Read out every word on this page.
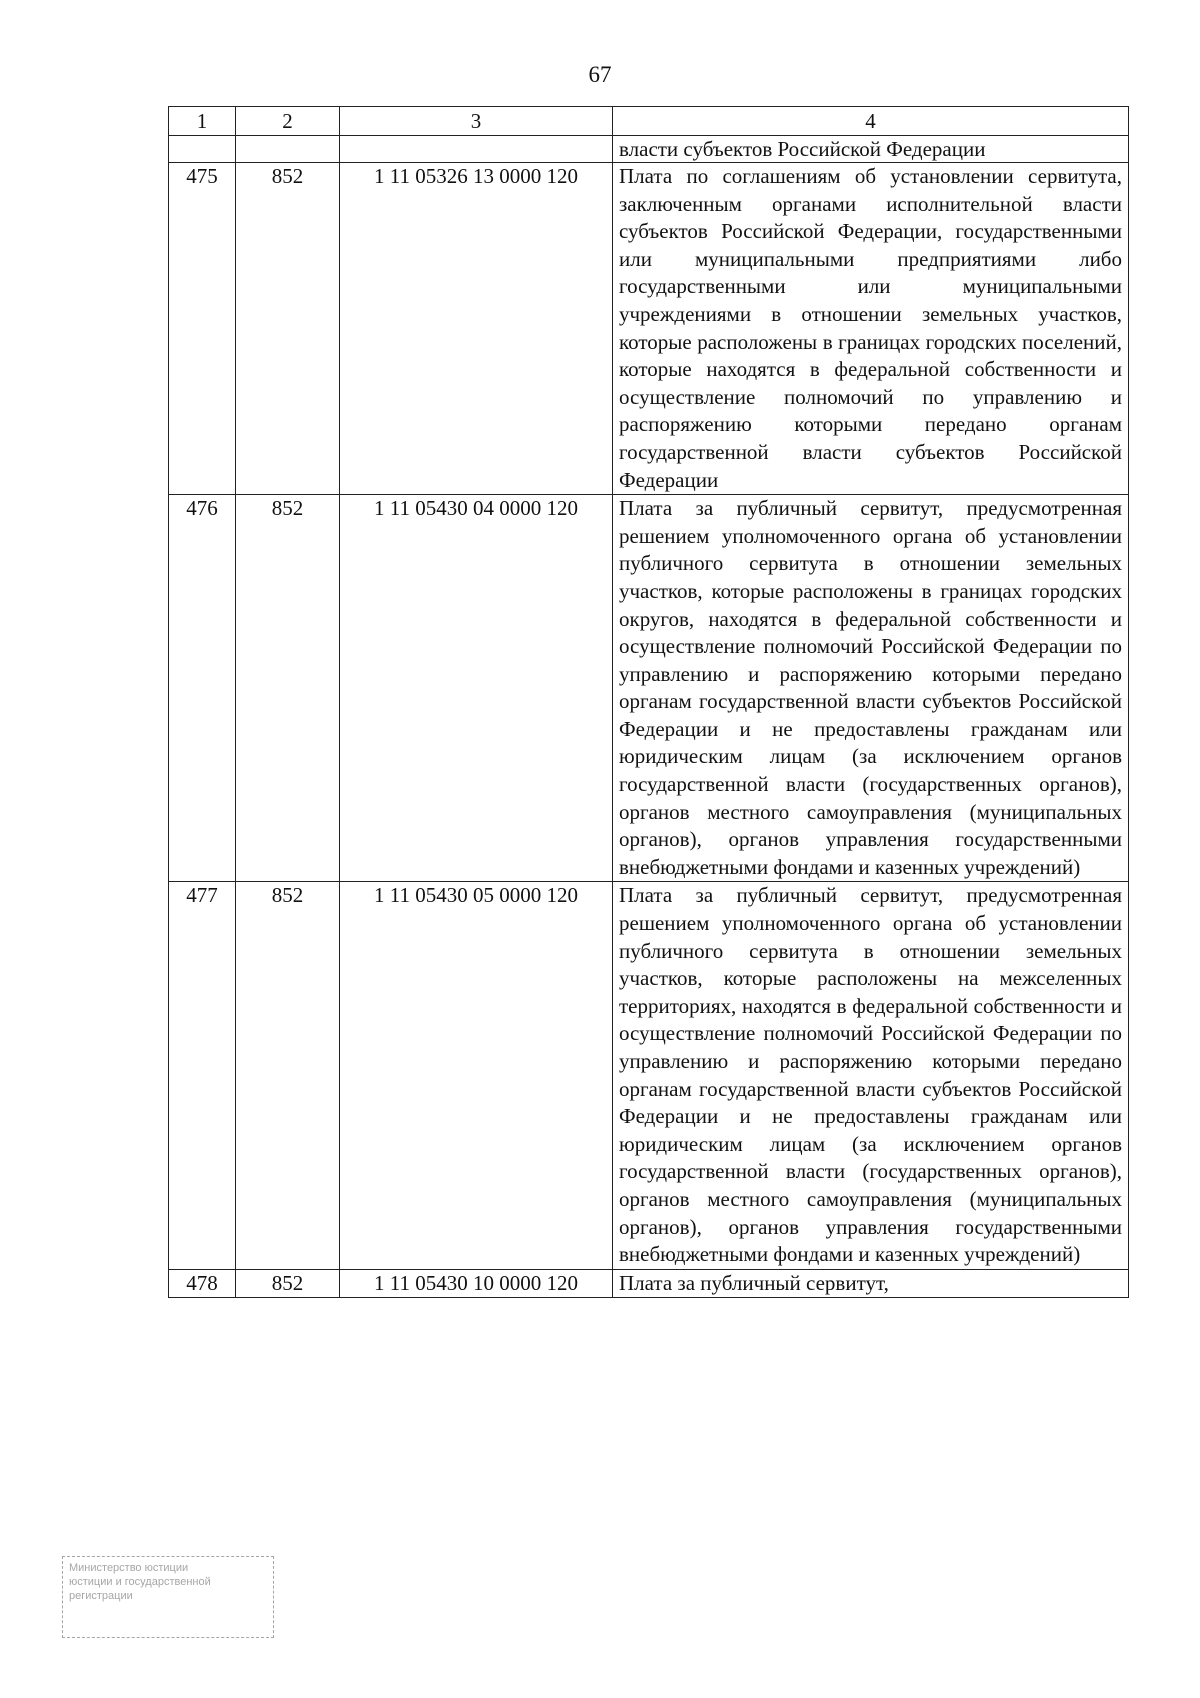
67
1	2	3	4
			власти субъектов Российской Федерации
475	852	1 11 05326 13 0000 120	Плата по соглашениям об установлении сервитута, заключенным органами исполнительной власти субъектов Российской Федерации, государственными или муниципальными предприятиями либо государственными или муниципальными учреждениями в отношении земельных участков, которые расположены в границах городских поселений, которые находятся в федеральной собственности и осуществление полномочий по управлению и распоряжению которыми передано органам государственной власти субъектов Российской Федерации
476	852	1 11 05430 04 0000 120	Плата за публичный сервитут, предусмотренная решением уполномоченного органа об установлении публичного сервитута в отношении земельных участков, которые расположены в границах городских округов, находятся в федеральной собственности и осуществление полномочий Российской Федерации по управлению и распоряжению которыми передано органам государственной власти субъектов Российской Федерации и не предоставлены гражданам или юридическим лицам (за исключением органов государственной власти (государственных органов), органов местного самоуправления (муниципальных органов), органов управления государственными внебюджетными фондами и казенных учреждений)
477	852	1 11 05430 05 0000 120	Плата за публичный сервитут, предусмотренная решением уполномоченного органа об установлении публичного сервитута в отношении земельных участков, которые расположены на межселенных территориях, находятся в федеральной собственности и осуществление полномочий Российской Федерации по управлению и распоряжению которыми передано органам государственной власти субъектов Российской Федерации и не предоставлены гражданам или юридическим лицам (за исключением органов государственной власти (государственных органов), органов местного самоуправления (муниципальных органов), органов управления государственными внебюджетными фондами и казенных учреждений)
478	852	1 11 05430 10 0000 120	Плата за публичный сервитут,
Министерство юстиции
юстиции и государственной
регистрации
